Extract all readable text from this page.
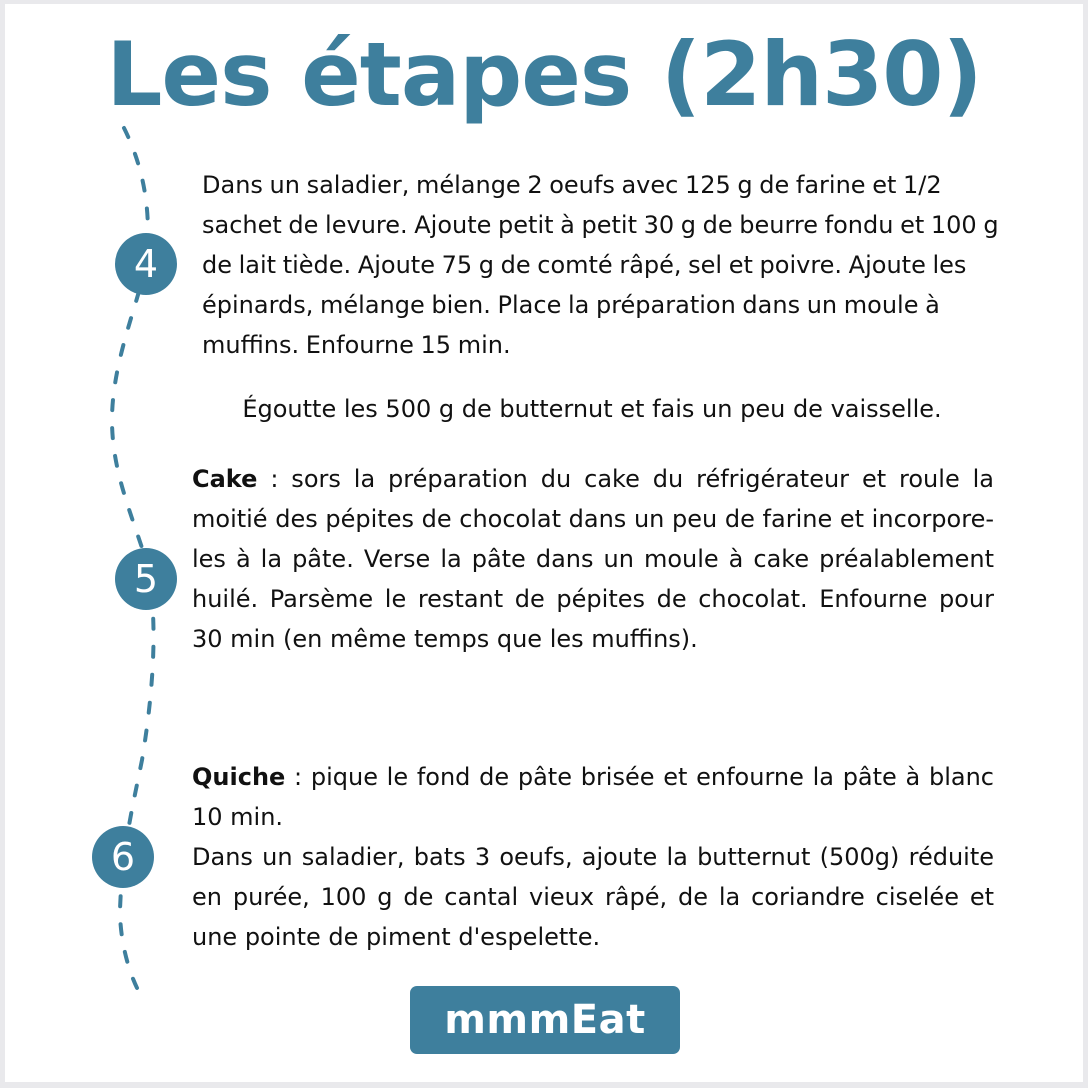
Les étapes (2h30)
4
5
6

Dans un saladier, mélange 2 oeufs avec 125 g de farine et 1/2 sachet de levure. Ajoute petit à petit 30 g de beurre fondu et 100 g de lait tiède. Ajoute 75 g de comté râpé, sel et poivre. Ajoute les épinards, mélange bien. Place la préparation dans un moule à muffins. Enfourne 15 min.

Égoutte les 500 g de butternut et fais un peu de vaisselle.

Cake : sors la préparation du cake du réfrigérateur et roule la moitié des pépites de chocolat dans un peu de farine et incorpore-les à la pâte. Verse la pâte dans un moule à cake préalablement huilé. Parsème le restant de pépites de chocolat. Enfourne pour 30 min (en même temps que les muffins).

Quiche : pique le fond de pâte brisée et enfourne la pâte à blanc 10 min.
Dans un saladier, bats 3 oeufs, ajoute la butternut (500g) réduite en purée, 100 g de cantal vieux râpé, de la coriandre ciselée et une pointe de piment d'espelette.
mmmEat
